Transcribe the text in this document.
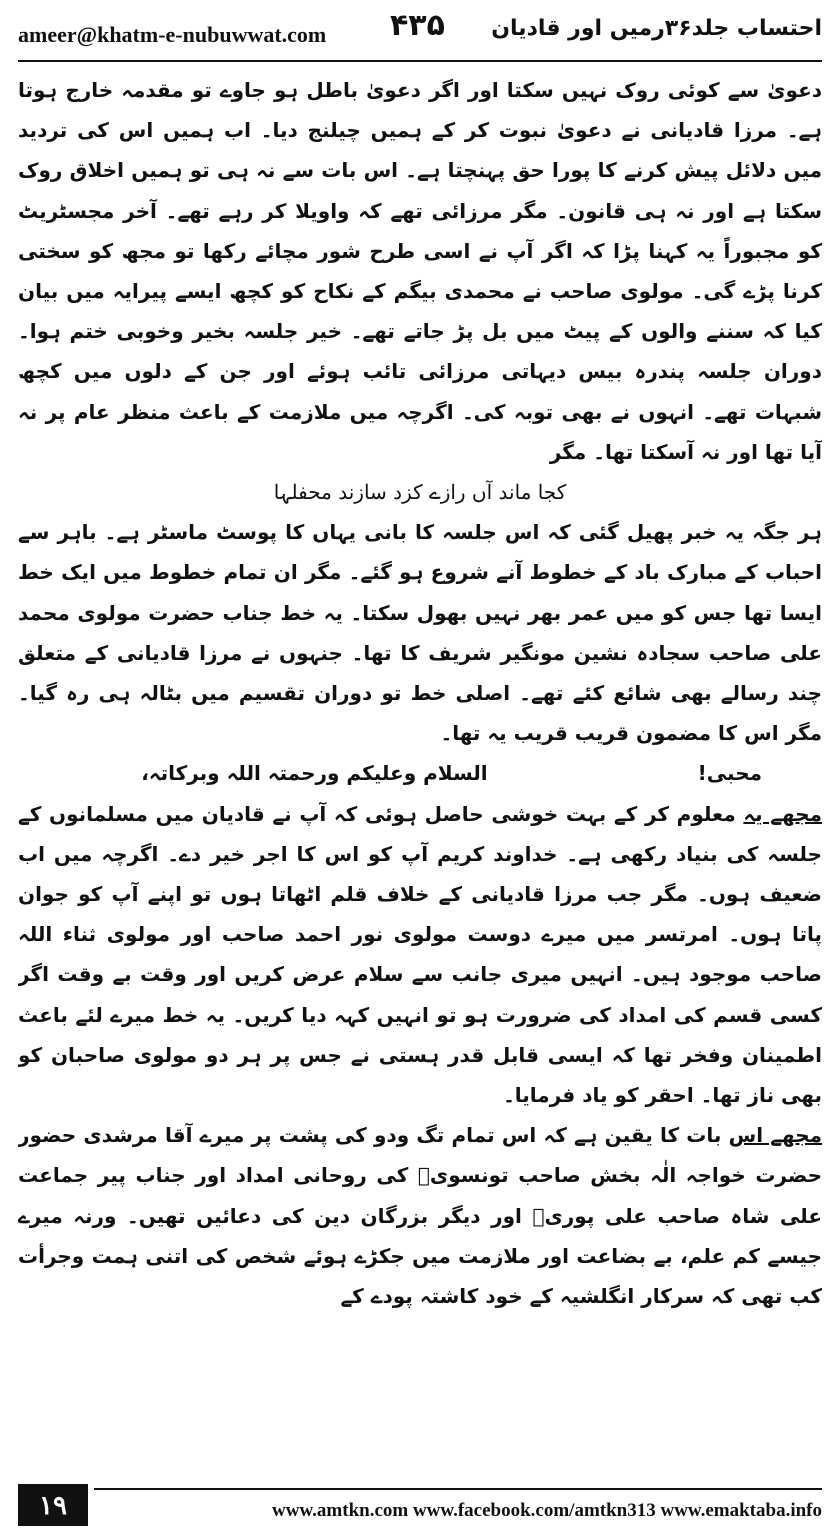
ameer@khatm-e-nubuwwat.com ۴۳۵ احتساب جلد۳۶رمیں اور قادیان

دعویٰ سے کوئی روک نہیں سکتا اور اگر دعویٰ باطل ہو جاوے تو مقدمہ خارج ہوتا ہے۔ مرزا قادیانی نے دعویٰ نبوت کر کے ہمیں چیلنج دیا۔ اب ہمیں اس کی تردید میں دلائل پیش کرنے کا پورا حق پہنچتا ہے۔ اس بات سے نہ ہی تو ہمیں اخلاق روک سکتا ہے اور نہ ہی قانون۔ مگر مرزائی تھے کہ واویلا کر رہے تھے۔ آخر مجسٹریٹ کو مجبوراً یہ کہنا پڑا کہ اگر آپ نے اسی طرح شور مچائے رکھا تو مجھ کو سختی کرنا پڑے گی۔ مولوی صاحب نے محمدی بیگم کے نکاح کو کچھ ایسے پیرایہ میں بیان کیا کہ سننے والوں کے پیٹ میں بل پڑ جاتے تھے۔ خیر جلسہ بخیر وخوبی ختم ہوا۔ دوران جلسہ پندرہ بیس دیہاتی مرزائی تائب ہوئے اور جن کے دلوں میں کچھ شبہات تھے۔ انہوں نے بھی توبہ کی۔ اگرچہ میں ملازمت کے باعث منظر عام پر نہ آیا تھا اور نہ آسکتا تھا۔ مگر

کجا ماند آں رازے کزد سازند محفلہا

ہر جگہ یہ خبر پھیل گئی کہ اس جلسہ کا بانی یہاں کا پوسٹ ماسٹر ہے۔ باہر سے احباب کے مبارک باد کے خطوط آنے شروع ہو گئے۔ مگر ان تمام خطوط میں ایک خط ایسا تھا جس کو میں عمر بھر نہیں بھول سکتا۔ یہ خط جناب حضرت مولوی محمد علی صاحب سجادہ نشین مونگیر شریف کا تھا۔ جنہوں نے مرزا قادیانی کے متعلق چند رسالے بھی شائع کئے تھے۔ اصلی خط تو دوران تقسیم میں بٹالہ ہی رہ گیا۔ مگر اس کا مضمون قریب قریب یہ تھا۔

محبی!
السلام وعلیکم ورحمتہ اللہ وبرکاتہ،

مجھے یہ معلوم کر کے بہت خوشی حاصل ہوئی کہ آپ نے قادیان میں مسلمانوں کے جلسہ کی بنیاد رکھی ہے۔ خداوند کریم آپ کو اس کا اجر خیر دے۔ اگرچہ میں اب ضعیف ہوں۔ مگر جب مرزا قادیانی کے خلاف قلم اٹھاتا ہوں تو اپنے آپ کو جوان پاتا ہوں۔ امرتسر میں میرے دوست مولوی نور احمد صاحب اور مولوی ثناء اللہ صاحب موجود ہیں۔ انہیں میری جانب سے سلام عرض کریں اور وقت بے وقت اگر کسی قسم کی امداد کی ضرورت ہو تو انہیں کہہ دیا کریں۔ یہ خط میرے لئے باعث اطمینان وفخر تھا کہ ایسی قابل قدر ہستی نے جس پر ہر دو مولوی صاحبان کو بھی ناز تھا۔ احقر کو یاد فرمایا۔

مجھے اس بات کا یقین ہے کہ اس تمام تگ ودو کی پشت پر میرے آقا مرشدی حضور حضرت خواجہ الٰہ بخش صاحب تونسویؒ کی روحانی امداد اور جناب پیر جماعت علی شاہ صاحب علی پوریؒ اور دیگر بزرگان دین کی دعائیں تھیں۔ ورنہ میرے جیسے کم علم، بے بضاعت اور ملازمت میں جکڑے ہوئے شخص کی اتنی ہمت وجرأت کب تھی کہ سرکار انگلشیہ کے خود کاشتہ پودے کے

۱۹	www.amtkn.com www.facebook.com/amtkn313 www.emaktaba.info
